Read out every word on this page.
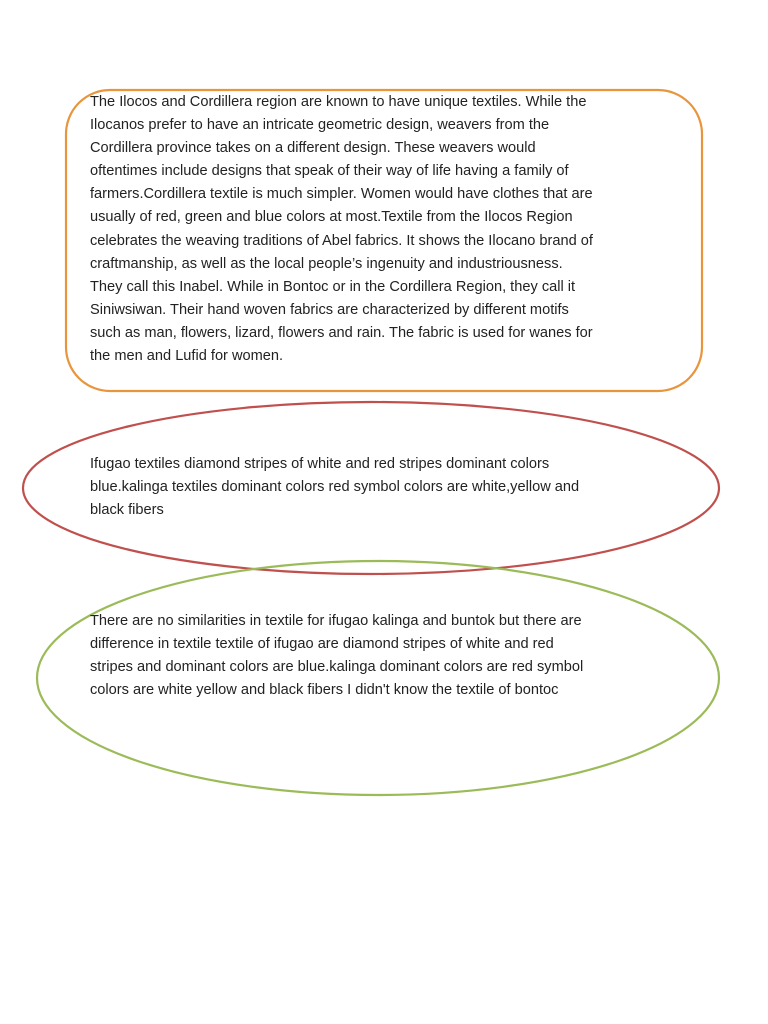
The Ilocos and Cordillera region are known to have unique textiles. While the
Ilocanos prefer to have an intricate geometric design, weavers from the
Cordillera province takes on a different design. These weavers would
oftentimes include designs that speak of their way of life having a family of
farmers.Cordillera textile is much simpler. Women would have clothes that are
usually of red, green and blue colors at most.Textile from the Ilocos Region
celebrates the weaving traditions of Abel fabrics. It shows the Ilocano brand of
craftmanship, as well as the local people’s ingenuity and industriousness.
They call this Inabel. While in Bontoc or in the Cordillera Region, they call it
Siniwsiwan. Their hand woven fabrics are characterized by different motifs
such as man, flowers, lizard, flowers and rain. The fabric is used for wanes for
the men and Lufid for women.
Ifugao textiles diamond stripes of white and red stripes dominant colors
blue.kalinga textiles dominant colors red symbol colors are white,yellow and
black fibers
There are no similarities in textile for ifugao kalinga and buntok but there are
difference in textile textile of ifugao are diamond stripes of white and red
stripes and dominant colors are blue.kalinga dominant colors are red symbol
colors are white yellow and black fibers I didn't know the textile of bontoc
